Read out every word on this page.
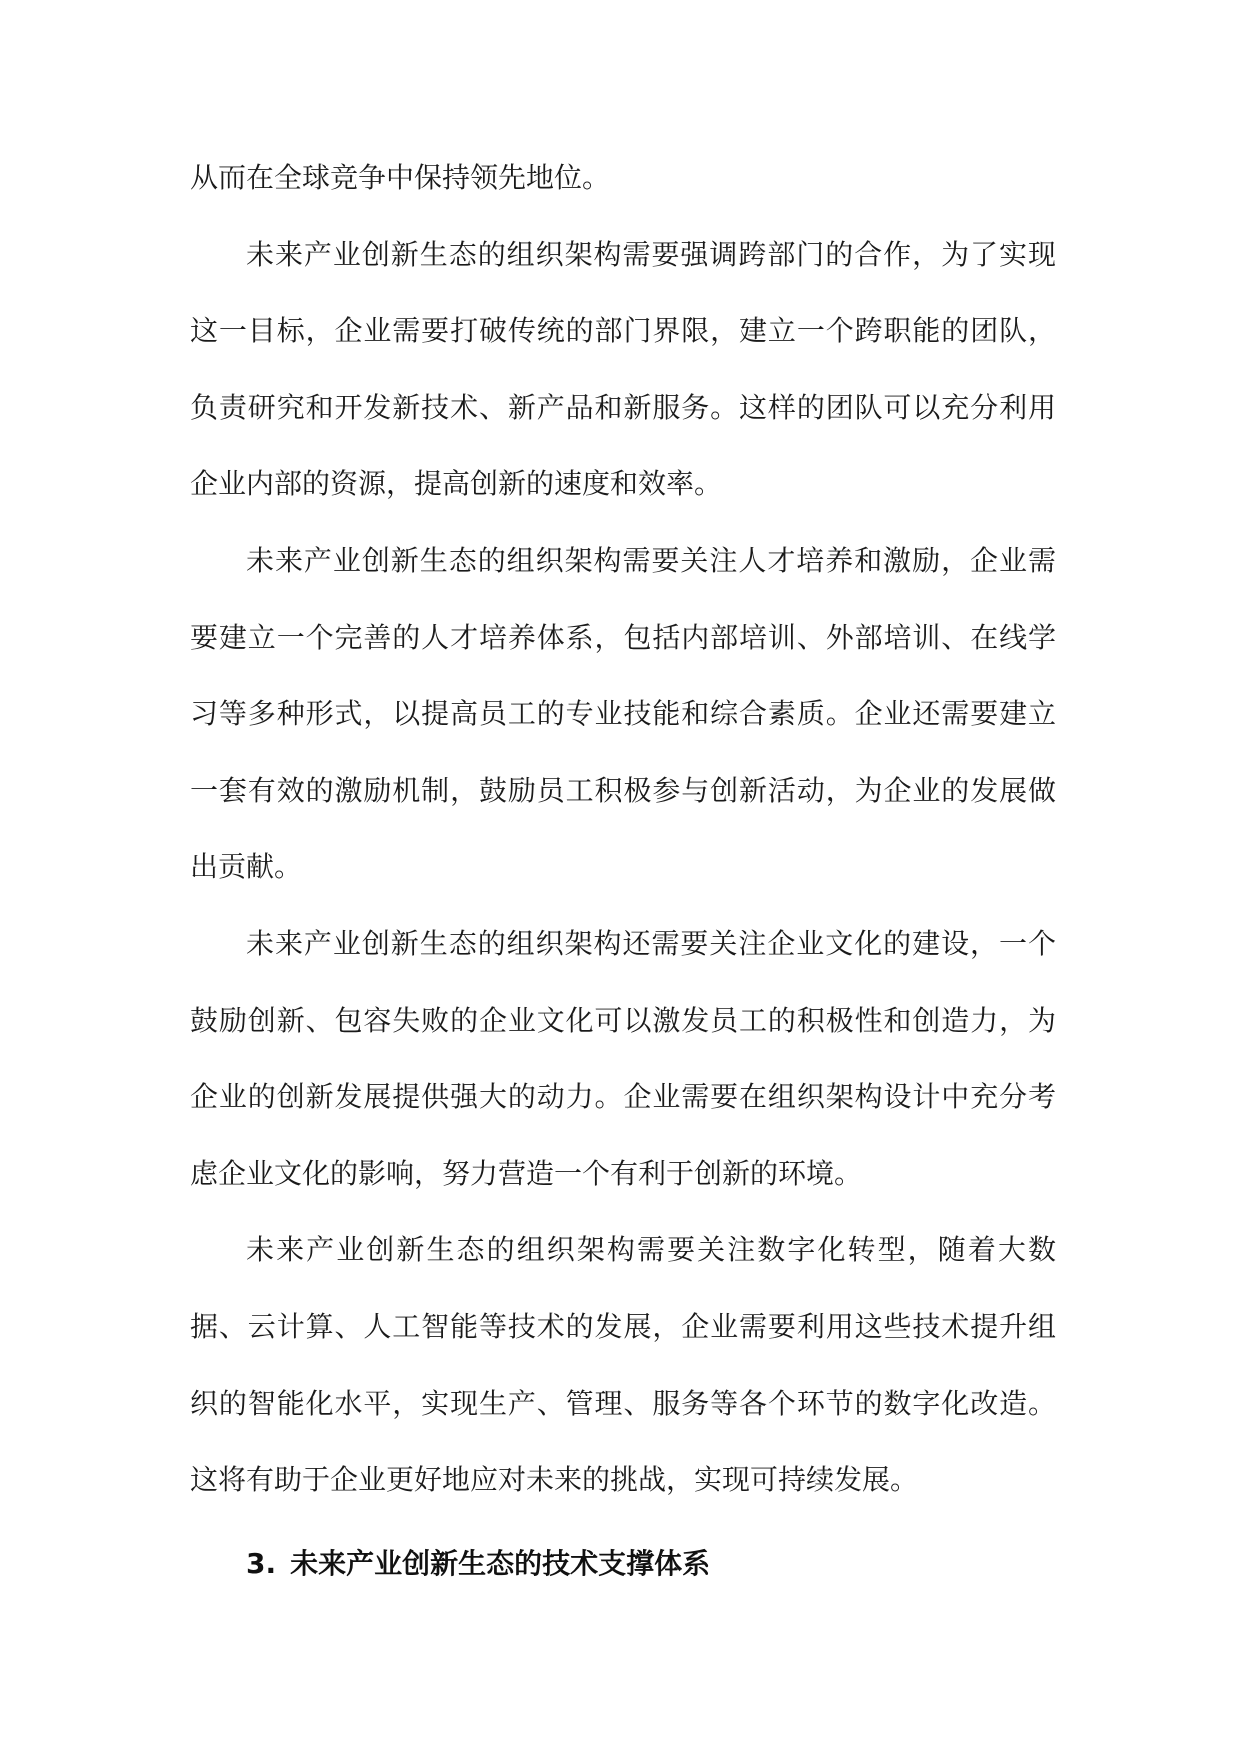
从而在全球竞争中保持领先地位。

未来产业创新生态的组织架构需要强调跨部门的合作，为了实现这一目标，企业需要打破传统的部门界限，建立一个跨职能的团队，负责研究和开发新技术、新产品和新服务。这样的团队可以充分利用企业内部的资源，提高创新的速度和效率。

未来产业创新生态的组织架构需要关注人才培养和激励，企业需要建立一个完善的人才培养体系，包括内部培训、外部培训、在线学习等多种形式，以提高员工的专业技能和综合素质。企业还需要建立一套有效的激励机制，鼓励员工积极参与创新活动，为企业的发展做出贡献。

未来产业创新生态的组织架构还需要关注企业文化的建设，一个鼓励创新、包容失败的企业文化可以激发员工的积极性和创造力，为企业的创新发展提供强大的动力。企业需要在组织架构设计中充分考虑企业文化的影响，努力营造一个有利于创新的环境。

未来产业创新生态的组织架构需要关注数字化转型，随着大数据、云计算、人工智能等技术的发展，企业需要利用这些技术提升组织的智能化水平，实现生产、管理、服务等各个环节的数字化改造。这将有助于企业更好地应对未来的挑战，实现可持续发展。

3. 未来产业创新生态的技术支撑体系
